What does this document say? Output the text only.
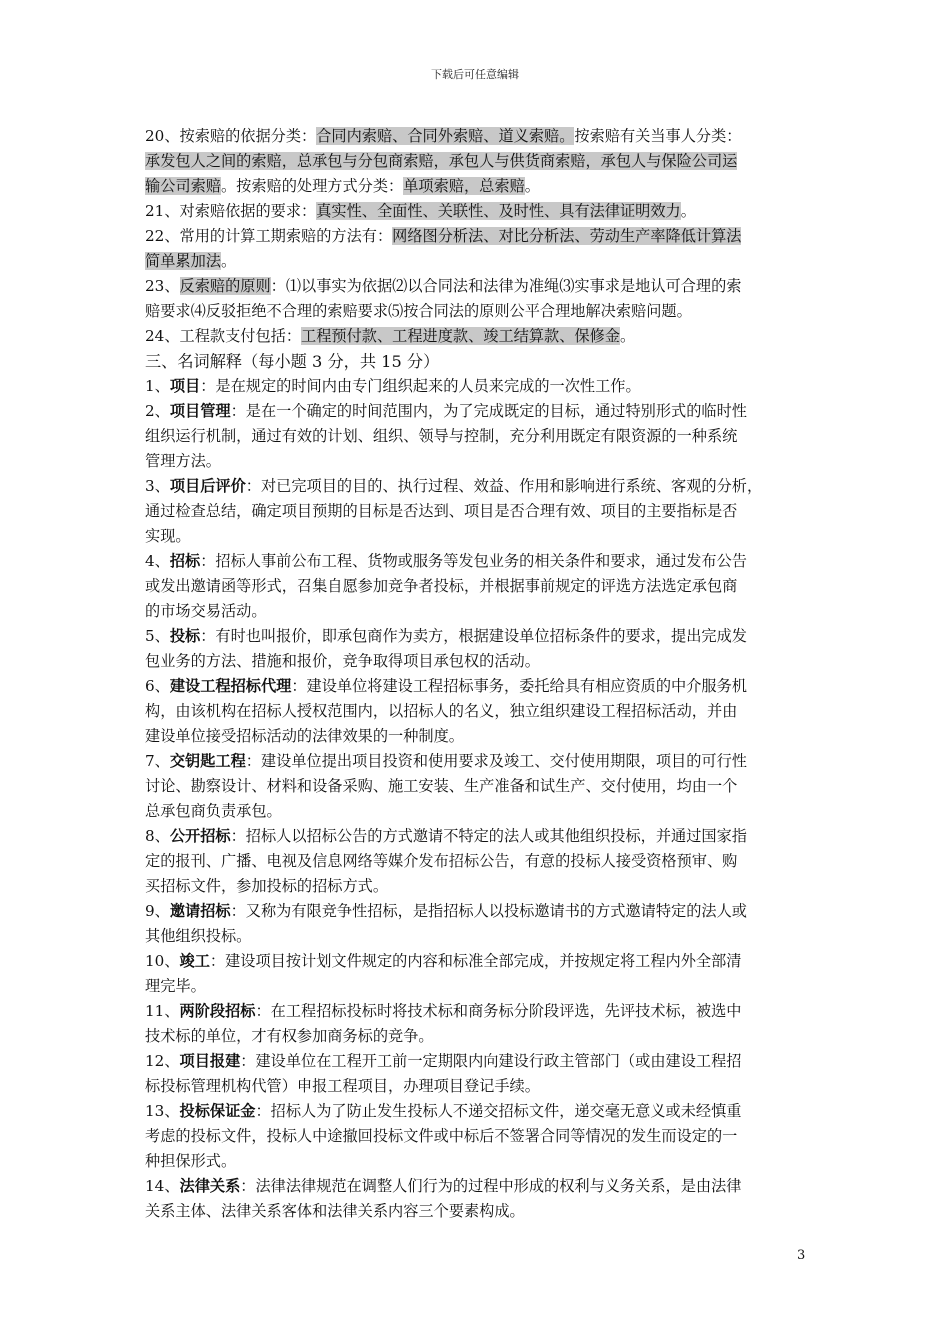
下载后可任意编辑
20、按索赔的依据分类：合同内索赔、合同外索赔、道义索赔。按索赔有关当事人分类：
承发包人之间的索赔，总承包与分包商索赔，承包人与供货商索赔，承包人与保险公司运
输公司索赔。按索赔的处理方式分类：单项索赔，总索赔。
21、对索赔依据的要求：真实性、全面性、关联性、及时性、具有法律证明效力。
22、常用的计算工期索赔的方法有：网络图分析法、对比分析法、劳动生产率降低计算法
简单累加法。
23、反索赔的原则：⑴以事实为依据⑵以合同法和法律为准绳⑶实事求是地认可合理的索
赔要求⑷反驳拒绝不合理的索赔要求⑸按合同法的原则公平合理地解决索赔问题。
24、工程款支付包括：工程预付款、工程进度款、竣工结算款、保修金。
三、名词解释（每小题 3 分，共 15 分）
1、项目：是在规定的时间内由专门组织起来的人员来完成的一次性工作。
2、项目管理：是在一个确定的时间范围内，为了完成既定的目标，通过特别形式的临时性
组织运行机制，通过有效的计划、组织、领导与控制，充分利用既定有限资源的一种系统
管理方法。
3、项目后评价：对已完项目的目的、执行过程、效益、作用和影响进行系统、客观的分析，
通过检查总结，确定项目预期的目标是否达到、项目是否合理有效、项目的主要指标是否
实现。
4、招标：招标人事前公布工程、货物或服务等发包业务的相关条件和要求，通过发布公告
或发出邀请函等形式，召集自愿参加竞争者投标，并根据事前规定的评选方法选定承包商
的市场交易活动。
5、投标：有时也叫报价，即承包商作为卖方，根据建设单位招标条件的要求，提出完成发
包业务的方法、措施和报价，竞争取得项目承包权的活动。
6、建设工程招标代理：建设单位将建设工程招标事务，委托给具有相应资质的中介服务机
构，由该机构在招标人授权范围内，以招标人的名义，独立组织建设工程招标活动，并由
建设单位接受招标活动的法律效果的一种制度。
7、交钥匙工程：建设单位提出项目投资和使用要求及竣工、交付使用期限，项目的可行性
讨论、勘察设计、材料和设备采购、施工安装、生产准备和试生产、交付使用，均由一个
总承包商负责承包。
8、公开招标：招标人以招标公告的方式邀请不特定的法人或其他组织投标，并通过国家指
定的报刊、广播、电视及信息网络等媒介发布招标公告，有意的投标人接受资格预审、购
买招标文件，参加投标的招标方式。
9、邀请招标：又称为有限竞争性招标，是指招标人以投标邀请书的方式邀请特定的法人或
其他组织投标。
10、竣工：建设项目按计划文件规定的内容和标准全部完成，并按规定将工程内外全部清
理完毕。
11、两阶段招标：在工程招标投标时将技术标和商务标分阶段评选，先评技术标，被选中
技术标的单位，才有权参加商务标的竞争。
12、项目报建：建设单位在工程开工前一定期限内向建设行政主管部门（或由建设工程招
标投标管理机构代管）申报工程项目，办理项目登记手续。
13、投标保证金：招标人为了防止发生投标人不递交招标文件，递交毫无意义或未经慎重
考虑的投标文件，投标人中途撤回投标文件或中标后不签署合同等情况的发生而设定的一
种担保形式。
14、法律关系：法律法律规范在调整人们行为的过程中形成的权利与义务关系，是由法律
关系主体、法律关系客体和法律关系内容三个要素构成。
3
